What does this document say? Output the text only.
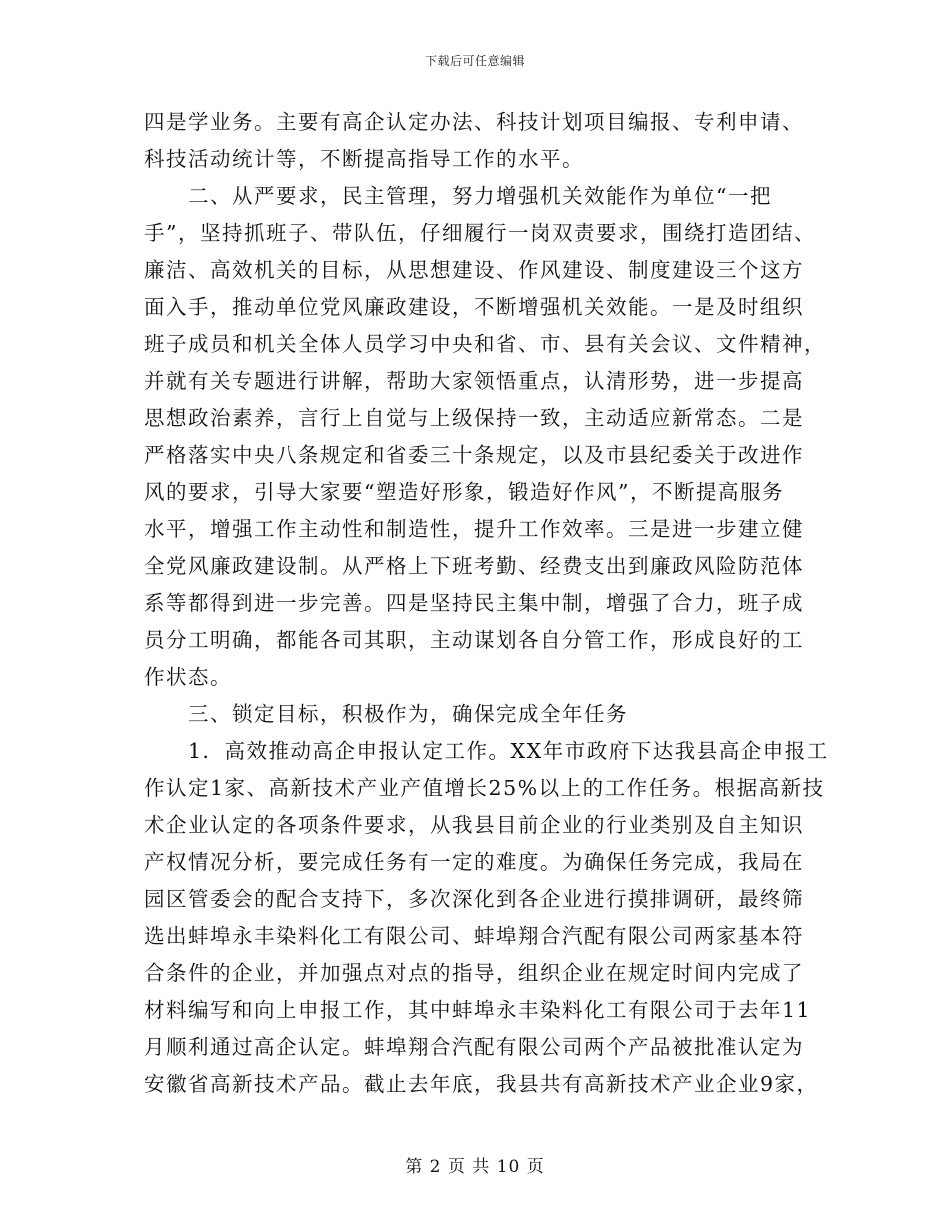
下载后可任意编辑
四是学业务。主要有高企认定办法、科技计划项目编报、专利申请、
科技活动统计等，不断提高指导工作的水平。
　　二、从严要求，民主管理，努力增强机关效能作为单位“一把
手”，坚持抓班子、带队伍，仔细履行一岗双责要求，围绕打造团结、
廉洁、高效机关的目标，从思想建设、作风建设、制度建设三个这方
面入手，推动单位党风廉政建设，不断增强机关效能。一是及时组织
班子成员和机关全体人员学习中央和省、市、县有关会议、文件精神，
并就有关专题进行讲解，帮助大家领悟重点，认清形势，进一步提高
思想政治素养，言行上自觉与上级保持一致，主动适应新常态。二是
严格落实中央八条规定和省委三十条规定，以及市县纪委关于改进作
风的要求，引导大家要“塑造好形象，锻造好作风”，不断提高服务
水平，增强工作主动性和制造性，提升工作效率。三是进一步建立健
全党风廉政建设制。从严格上下班考勤、经费支出到廉政风险防范体
系等都得到进一步完善。四是坚持民主集中制，增强了合力，班子成
员分工明确，都能各司其职，主动谋划各自分管工作，形成良好的工
作状态。
　　三、锁定目标，积极作为，确保完成全年任务
　　1．高效推动高企申报认定工作。XX年市政府下达我县高企申报工
作认定1家、高新技术产业产值增长25%以上的工作任务。根据高新技
术企业认定的各项条件要求，从我县目前企业的行业类别及自主知识
产权情况分析，要完成任务有一定的难度。为确保任务完成，我局在
园区管委会的配合支持下，多次深化到各企业进行摸排调研，最终筛
选出蚌埠永丰染料化工有限公司、蚌埠翔合汽配有限公司两家基本符
合条件的企业，并加强点对点的指导，组织企业在规定时间内完成了
材料编写和向上申报工作，其中蚌埠永丰染料化工有限公司于去年11
月顺利通过高企认定。蚌埠翔合汽配有限公司两个产品被批准认定为
安徽省高新技术产品。截止去年底，我县共有高新技术产业企业9家，
第 2 页 共 10 页
